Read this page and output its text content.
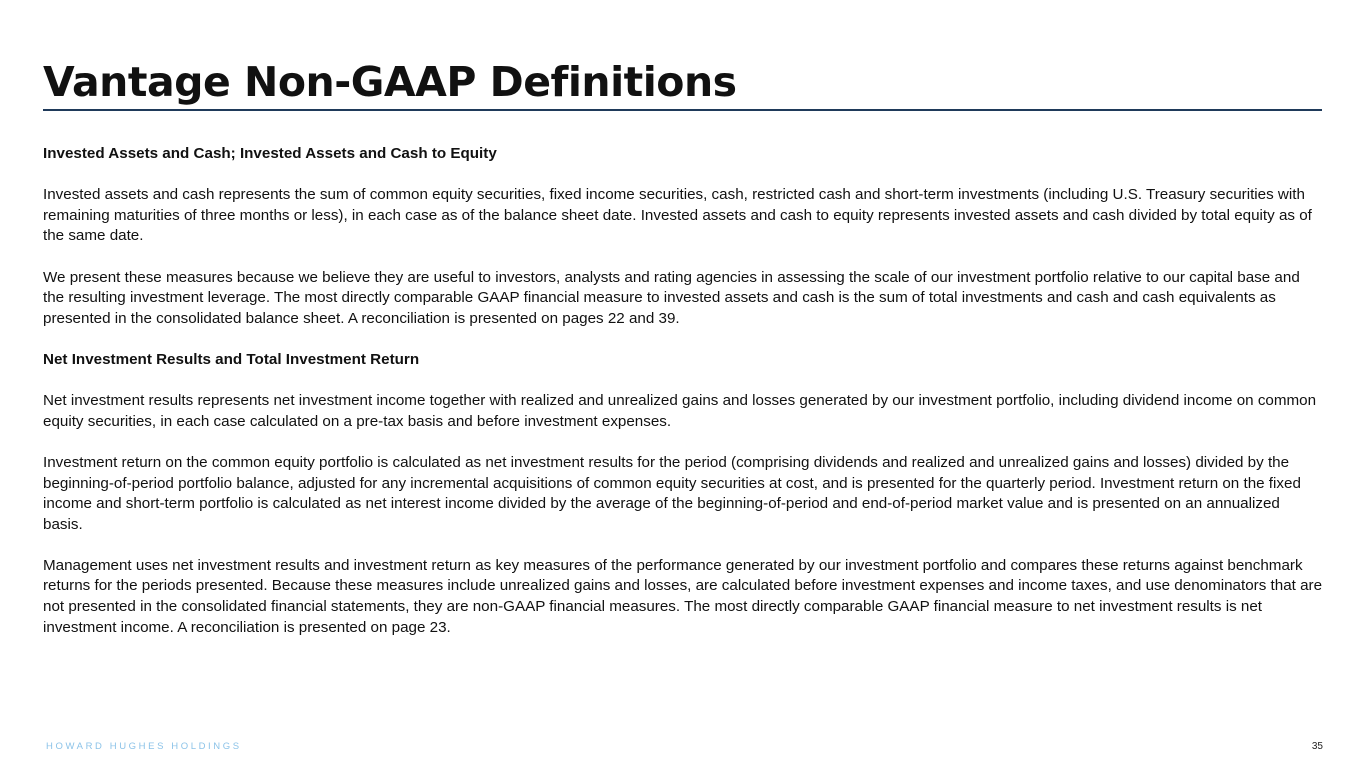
Vantage Non-GAAP Definitions

Invested Assets and Cash; Invested Assets and Cash to Equity

Invested assets and cash represents the sum of common equity securities, fixed income securities, cash, restricted cash and short-term investments (including U.S. Treasury securities with remaining maturities of three months or less), in each case as of the balance sheet date. Invested assets and cash to equity represents invested assets and cash divided by total equity as of the same date.

We present these measures because we believe they are useful to investors, analysts and rating agencies in assessing the scale of our investment portfolio relative to our capital base and the resulting investment leverage. The most directly comparable GAAP financial measure to invested assets and cash is the sum of total investments and cash and cash equivalents as presented in the consolidated balance sheet. A reconciliation is presented on pages 22 and 39.

Net Investment Results and Total Investment Return

Net investment results represents net investment income together with realized and unrealized gains and losses generated by our investment portfolio, including dividend income on common equity securities, in each case calculated on a pre-tax basis and before investment expenses.

Investment return on the common equity portfolio is calculated as net investment results for the period (comprising dividends and realized and unrealized gains and losses) divided by the beginning-of-period portfolio balance, adjusted for any incremental acquisitions of common equity securities at cost, and is presented for the quarterly period. Investment return on the fixed income and short-term portfolio is calculated as net interest income divided by the average of the beginning-of-period and end-of-period market value and is presented on an annualized basis.

Management uses net investment results and investment return as key measures of the performance generated by our investment portfolio and compares these returns against benchmark returns for the periods presented. Because these measures include unrealized gains and losses, are calculated before investment expenses and income taxes, and use denominators that are not presented in the consolidated financial statements, they are non-GAAP financial measures. The most directly comparable GAAP financial measure to net investment results is net investment income. A reconciliation is presented on page 23.

HOWARD HUGHES HOLDINGS	35
